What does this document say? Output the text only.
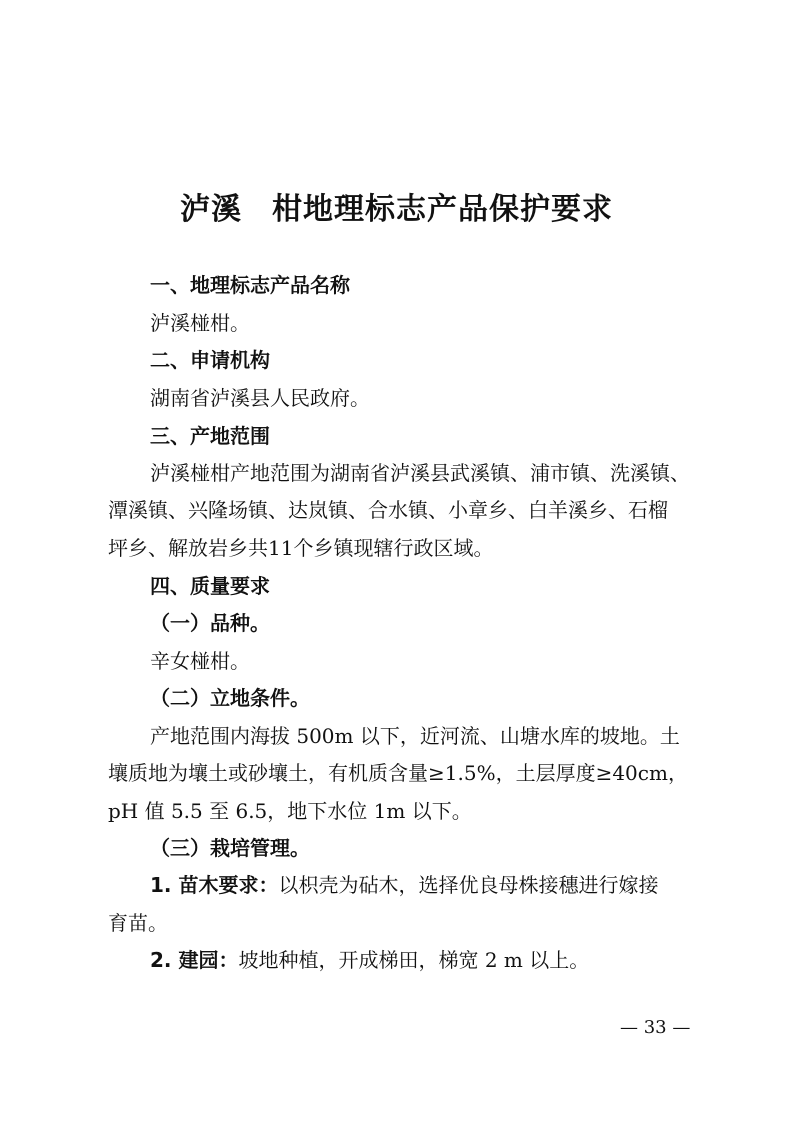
泸溪 柑地理标志产品保护要求
一、地理标志产品名称
泸溪椪柑。
二、申请机构
湖南省泸溪县人民政府。
三、产地范围
泸溪椪柑产地范围为湖南省泸溪县武溪镇、浦市镇、洗溪镇、
潭溪镇、兴隆场镇、达岚镇、合水镇、小章乡、白羊溪乡、石榴
坪乡、解放岩乡共11个乡镇现辖行政区域。
四、质量要求
（一）品种。
辛女椪柑。
（二）立地条件。
产地范围内海拔 500m 以下，近河流、山塘水库的坡地。土
壤质地为壤土或砂壤土，有机质含量≥1.5%，土层厚度≥40cm，
pH 值 5.5 至 6.5，地下水位 1m 以下。
（三）栽培管理。
1. 苗木要求：以枳壳为砧木，选择优良母株接穗进行嫁接
育苗。
2. 建园：坡地种植，开成梯田，梯宽 2 m 以上。
— 33 —
